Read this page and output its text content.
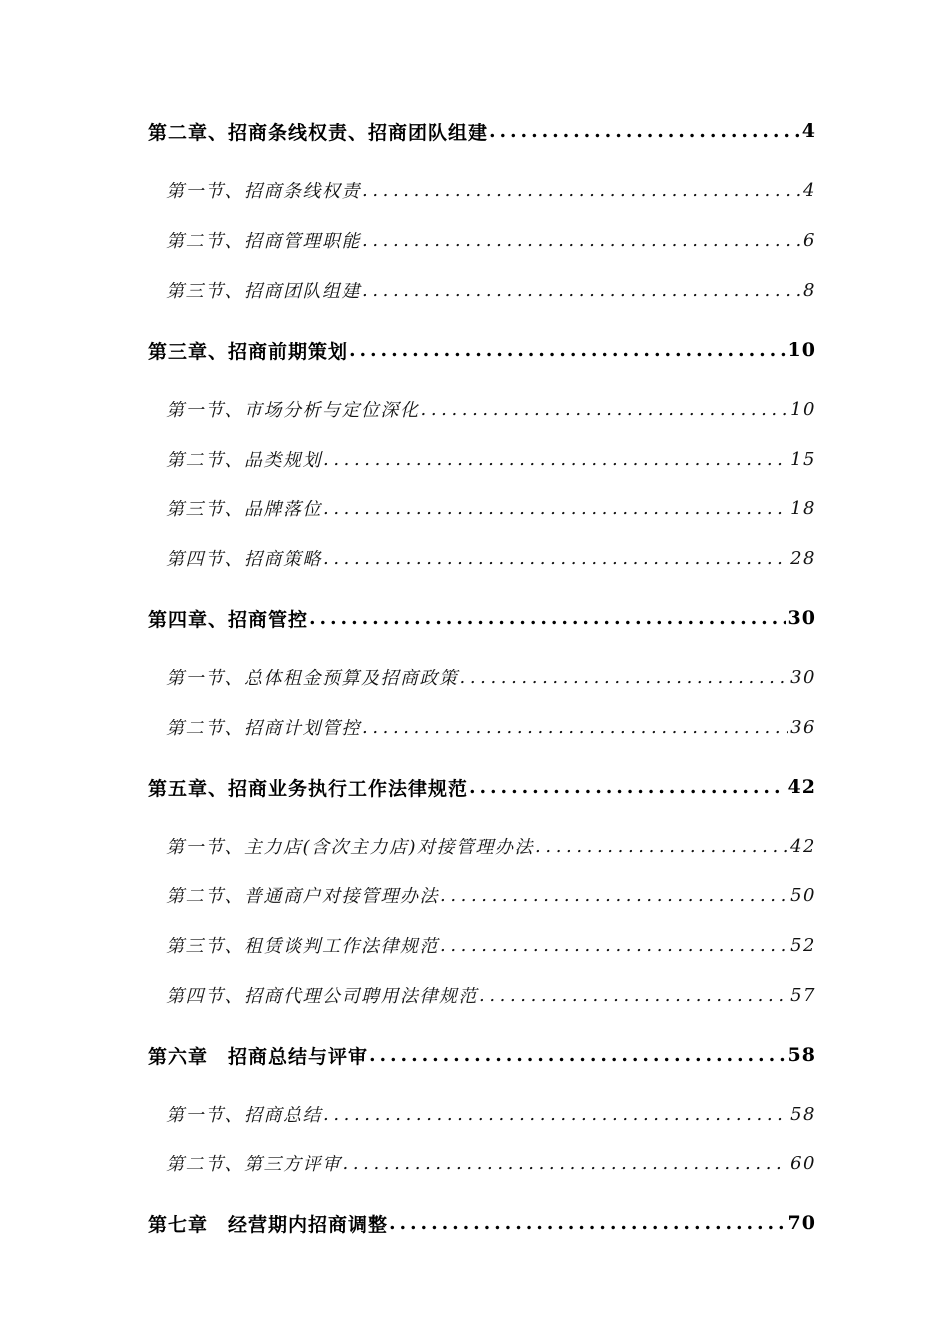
第二章、招商条线权责、招商团队组建 .....	4
第一节、招商条线权责 .....	4
第二节、招商管理职能 .....	6
第三节、招商团队组建 .....	8
第三章、招商前期策划 .....	10
第一节、市场分析与定位深化 .....	10
第二节、品类规划 .....	15
第三节、品牌落位 .....	18
第四节、招商策略 .....	28
第四章、招商管控 .....	30
第一节、总体租金预算及招商政策 .....	30
第二节、招商计划管控 .....	36
第五章、招商业务执行工作法律规范 .....	42
第一节、主力店(含次主力店)对接管理办法 .....	42
第二节、普通商户对接管理办法 .....	50
第三节、租赁谈判工作法律规范 .....	52
第四节、招商代理公司聘用法律规范 .....	57
第六章　招商总结与评审 .....	58
第一节、招商总结 .....	58
第二节、第三方评审 .....	60
第七章　经营期内招商调整 .....	70
